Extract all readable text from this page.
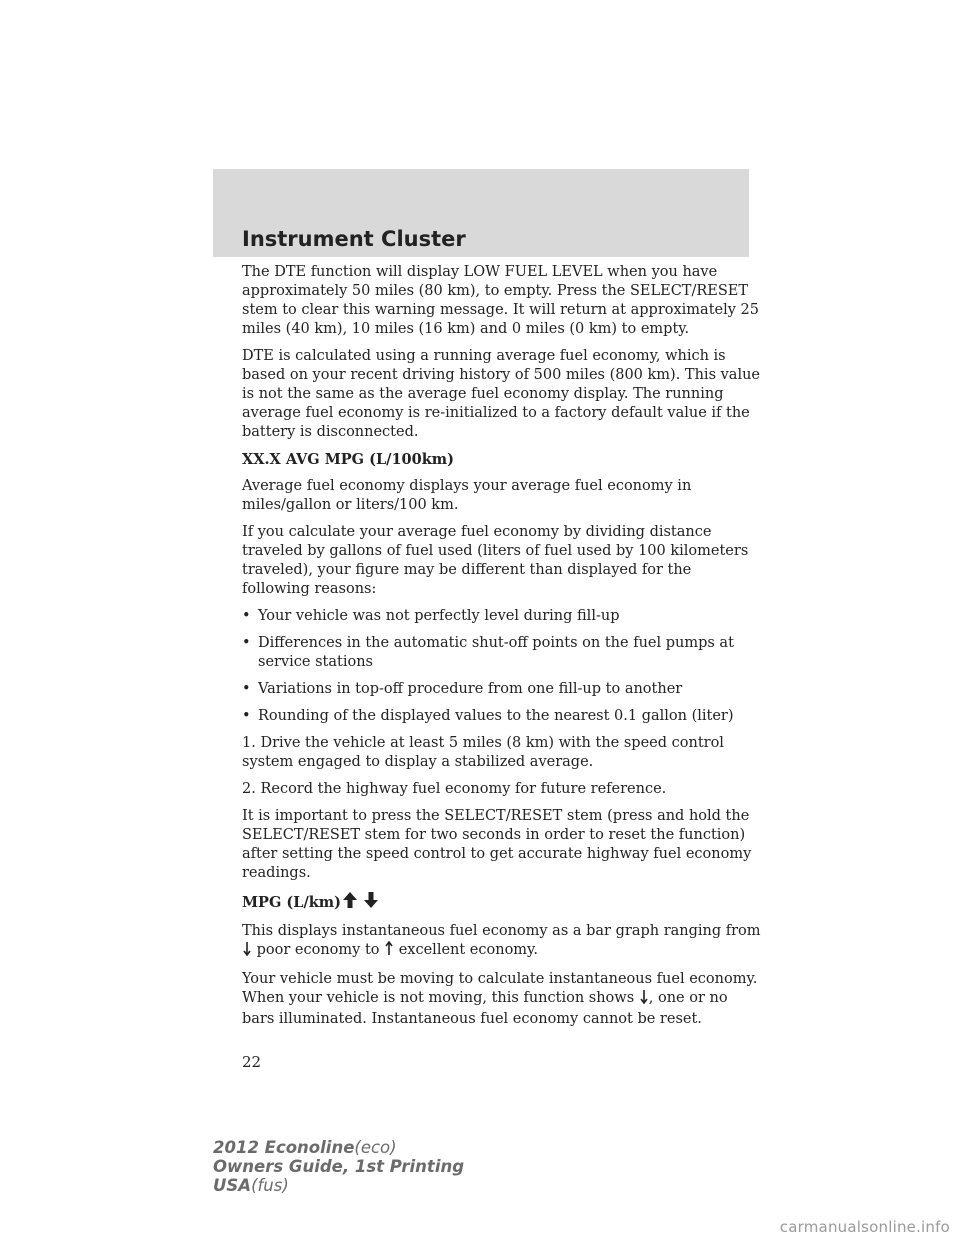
Instrument Cluster

The DTE function will display LOW FUEL LEVEL when you have approximately 50 miles (80 km), to empty. Press the SELECT/RESET stem to clear this warning message. It will return at approximately 25 miles (40 km), 10 miles (16 km) and 0 miles (0 km) to empty.

DTE is calculated using a running average fuel economy, which is based on your recent driving history of 500 miles (800 km). This value is not the same as the average fuel economy display. The running average fuel economy is re-initialized to a factory default value if the battery is disconnected.

XX.X AVG MPG (L/100km)

Average fuel economy displays your average fuel economy in miles/gallon or liters/100 km.

If you calculate your average fuel economy by dividing distance traveled by gallons of fuel used (liters of fuel used by 100 kilometers traveled), your figure may be different than displayed for the following reasons:

• Your vehicle was not perfectly level during fill-up
• Differences in the automatic shut-off points on the fuel pumps at service stations
• Variations in top-off procedure from one fill-up to another
• Rounding of the displayed values to the nearest 0.1 gallon (liter)

1. Drive the vehicle at least 5 miles (8 km) with the speed control system engaged to display a stabilized average.

2. Record the highway fuel economy for future reference.

It is important to press the SELECT/RESET stem (press and hold the SELECT/RESET stem for two seconds in order to reset the function) after setting the speed control to get accurate highway fuel economy readings.

MPG (L/km)

This displays instantaneous fuel economy as a bar graph ranging from  poor economy to excellent economy.

Your vehicle must be moving to calculate instantaneous fuel economy. When your vehicle is not moving, this function shows , one or no bars illuminated. Instantaneous fuel economy cannot be reset.

22
2012 Econoline(eco)
Owners Guide, 1st Printing
USA(fus)
carmanualsonline.info
